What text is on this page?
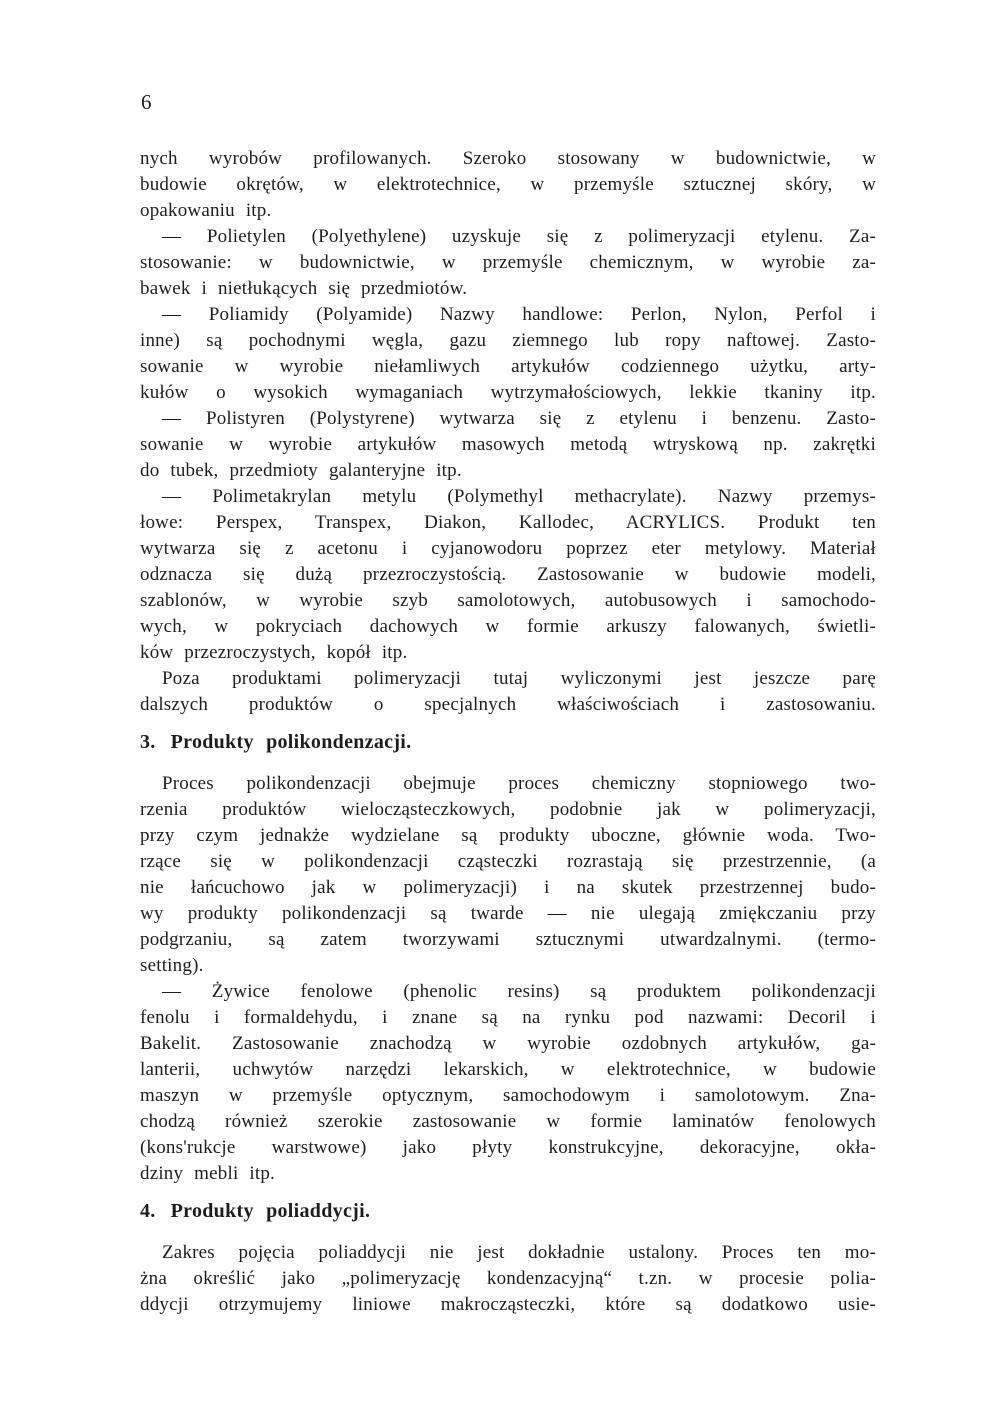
6
nych wyrobów profilowanych. Szeroko stosowany w budownictwie, w
budowie okrętów, w elektrotechnice, w przemyśle sztucznej skóry, w
opakowaniu itp.
— Polietylen (Polyethylene) uzyskuje się z polimeryzacji etylenu. Za-
stosowanie: w budownictwie, w przemyśle chemicznym, w wyrobie za-
bawek i nietłukących się przedmiotów.
— Poliamidy (Polyamide) Nazwy handlowe: Perlon, Nylon, Perfol i
inne) są pochodnymi węgla, gazu ziemnego lub ropy naftowej. Zasto-
sowanie w wyrobie niełamliwych artykułów codziennego użytku, arty-
kułów o wysokich wymaganiach wytrzymałościowych, lekkie tkaniny itp.
— Polistyren (Polystyrene) wytwarza się z etylenu i benzenu. Zasto-
sowanie w wyrobie artykułów masowych metodą wtryskową np. zakrętki
do tubek, przedmioty galanteryjne itp.
— Polimetakrylan metylu (Polymethyl methacrylate). Nazwy przemys-
łowe: Perspex, Transpex, Diakon, Kallodec, ACRYLICS. Produkt ten
wytwarza się z acetonu i cyjanowodoru poprzez eter metylowy. Materiał
odznacza się dużą przezroczystością. Zastosowanie w budowie modeli,
szablonów, w wyrobie szyb samolotowych, autobusowych i samochodo-
wych, w pokryciach dachowych w formie arkuszy falowanych, świetli-
ków przezroczystych, kopół itp.
Poza produktami polimeryzacji tutaj wyliczonymi jest jeszcze parę
dalszych produktów o specjalnych właściwościach i zastosowaniu.
3. Produkty polikondenzacji.
Proces polikondenzacji obejmuje proces chemiczny stopniowego two-
rzenia produktów wielocząsteczkowych, podobnie jak w polimeryzacji,
przy czym jednakże wydzielane są produkty uboczne, głównie woda. Two-
rzące się w polikondenzacji cząsteczki rozrastają się przestrzennie, (a
nie łańcuchowo jak w polimeryzacji) i na skutek przestrzennej budo-
wy produkty polikondenzacji są twarde — nie ulegają zmiękczaniu przy
podgrzaniu, są zatem tworzywami sztucznymi utwardzalnymi. (termo-
setting).
— Żywice fenolowe (phenolic resins) są produktem polikondenzacji
fenolu i formaldehydu, i znane są na rynku pod nazwami: Decoril i
Bakelit. Zastosowanie znachodzą w wyrobie ozdobnych artykułów, ga-
lanterii, uchwytów narzędzi lekarskich, w elektrotechnice, w budowie
maszyn w przemyśle optycznym, samochodowym i samolotowym. Zna-
chodzą również szerokie zastosowanie w formie laminatów fenolowych
(kons'rukcje warstwowe) jako płyty konstrukcyjne, dekoracyjne, okła-
dziny mebli itp.
4. Produkty poliaddycji.
Zakres pojęcia poliaddycji nie jest dokładnie ustalony. Proces ten mo-
żna określić jako „polimeryzację kondenzacyjną“ t.zn. w procesie polia-
ddycji otrzymujemy liniowe makrocząsteczki, które są dodatkowo usie-
